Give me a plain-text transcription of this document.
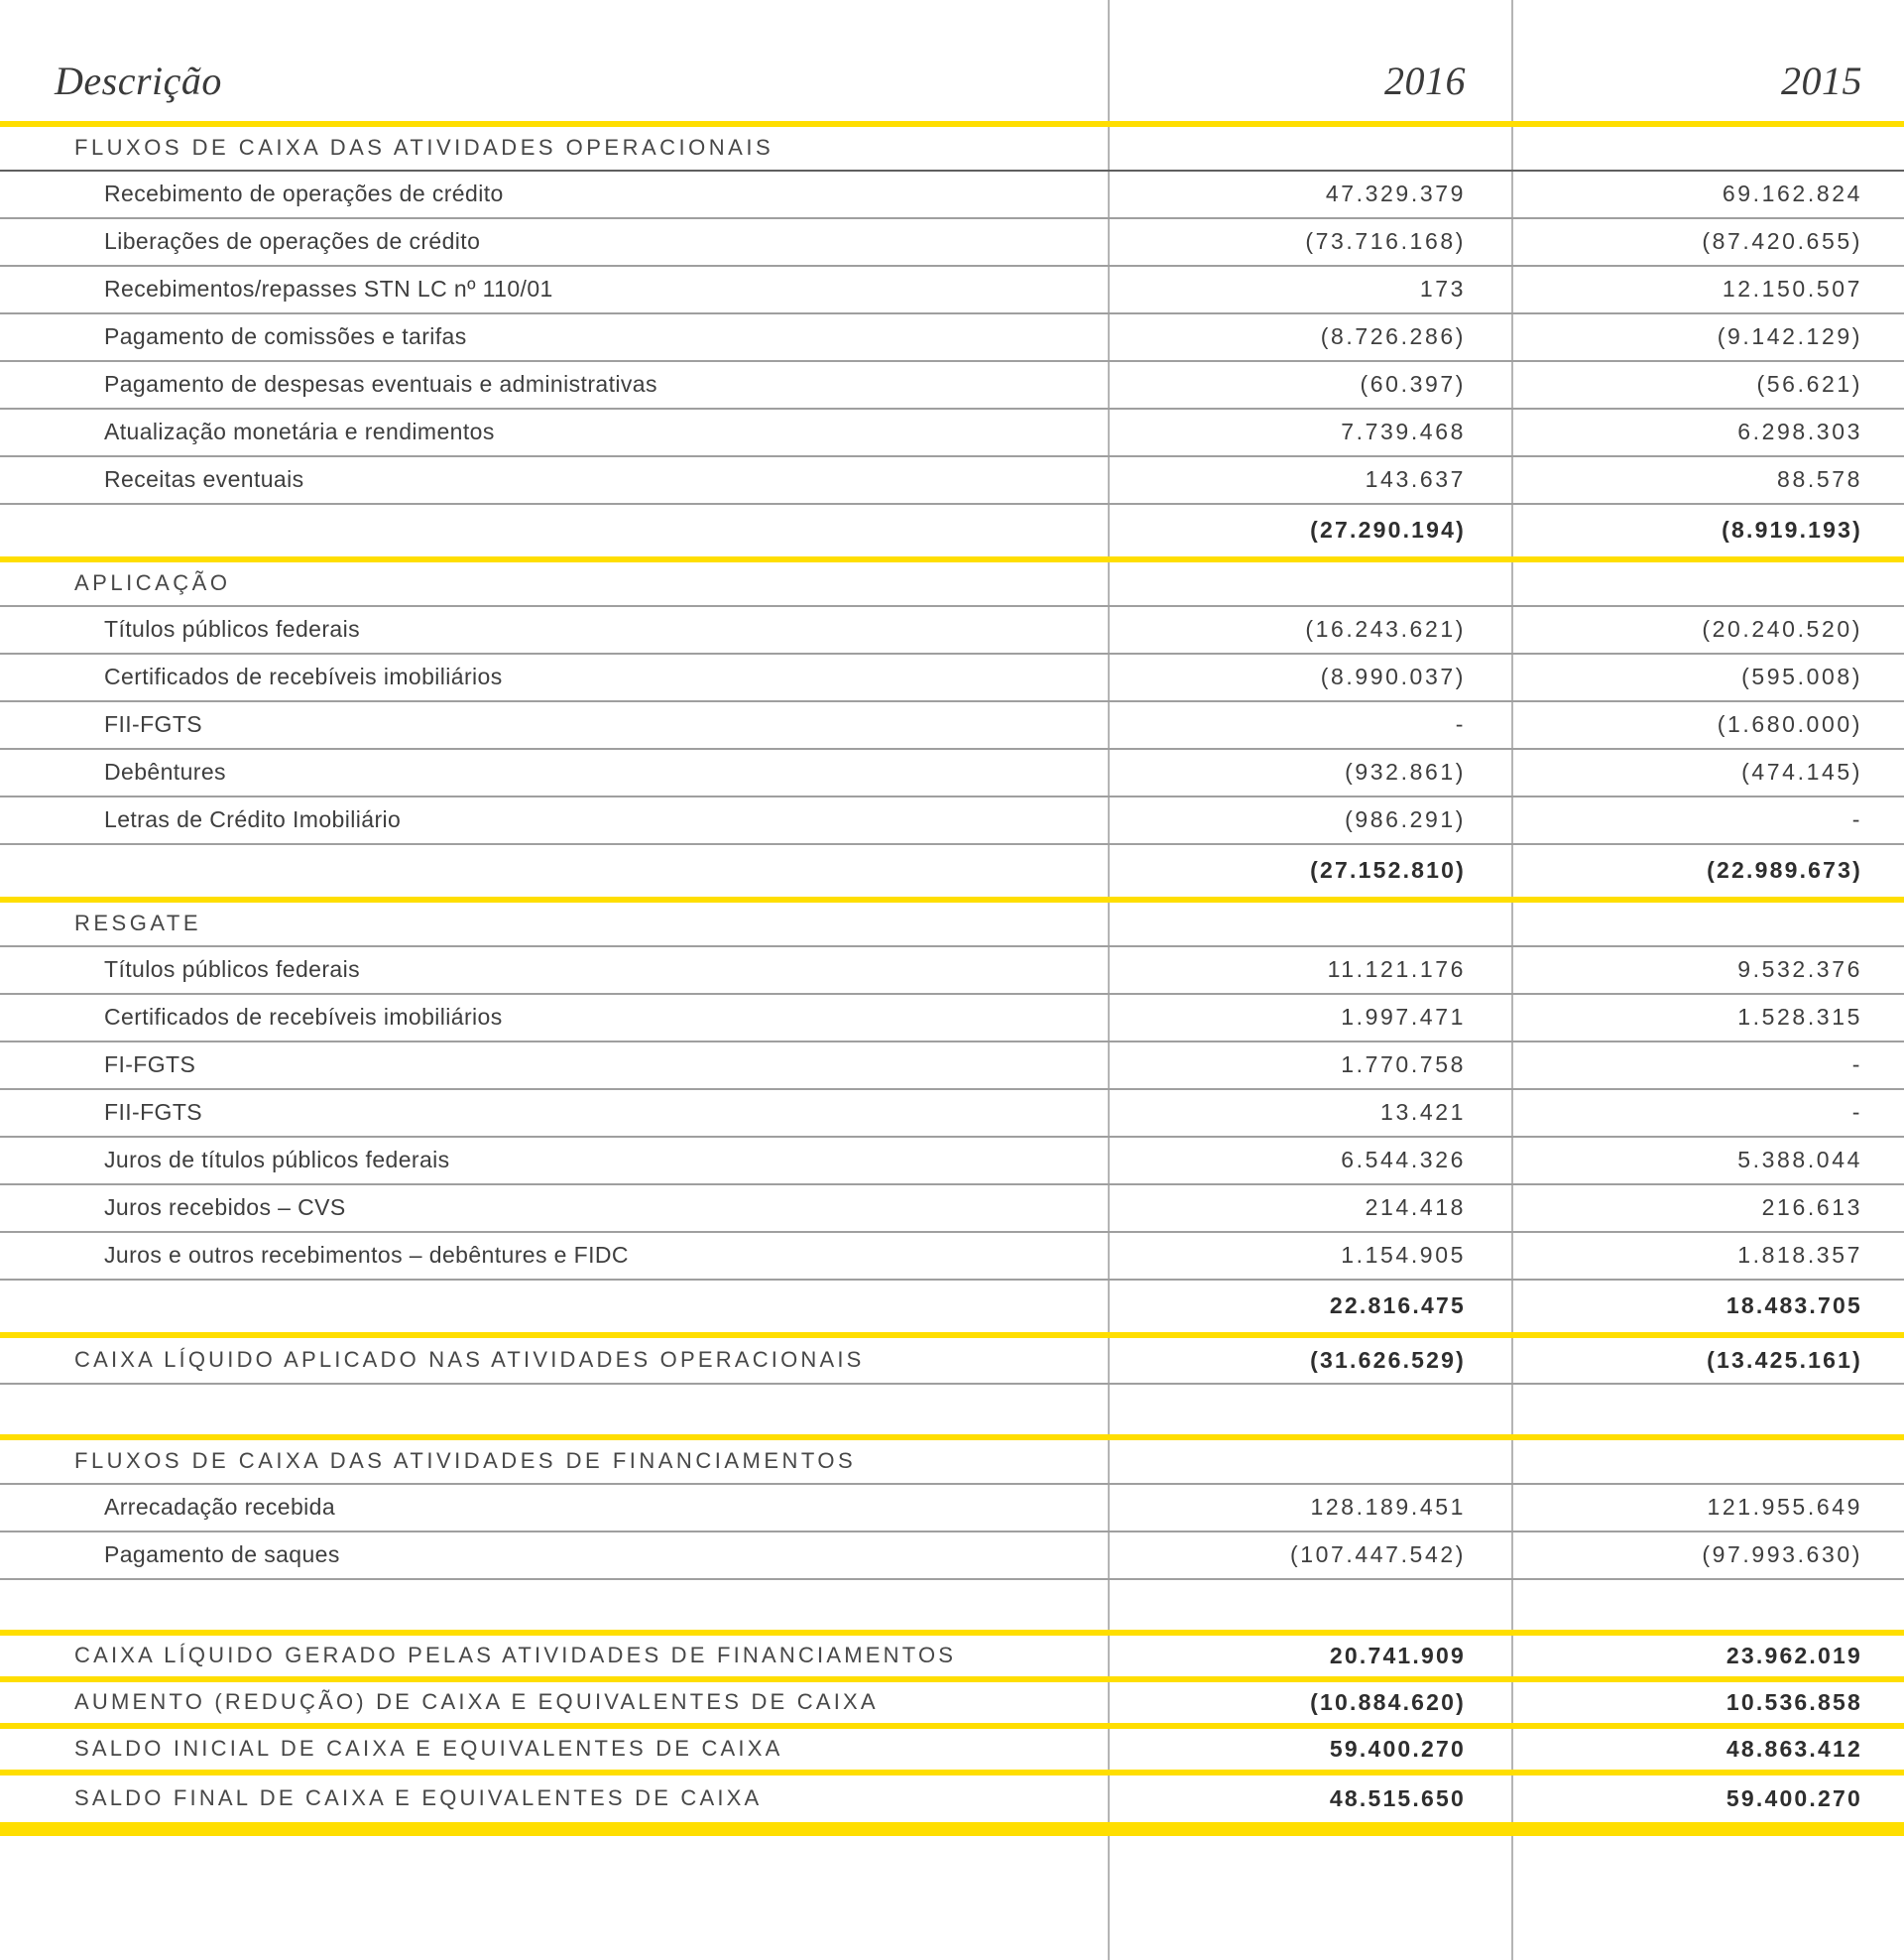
Descrição	2016	2015
FLUXOS DE CAIXA DAS ATIVIDADES OPERACIONAIS
Recebimento de operações de crédito	47.329.379	69.162.824
Liberações de operações de crédito	(73.716.168)	(87.420.655)
Recebimentos/repasses STN LC nº 110/01	173	12.150.507
Pagamento de comissões e tarifas	(8.726.286)	(9.142.129)
Pagamento de despesas eventuais e administrativas	(60.397)	(56.621)
Atualização monetária e rendimentos	7.739.468	6.298.303
Receitas eventuais	143.637	88.578
(27.290.194)	(8.919.193)
APLICAÇÃO
Títulos públicos federais	(16.243.621)	(20.240.520)
Certificados de recebíveis imobiliários	(8.990.037)	(595.008)
FII-FGTS	-	(1.680.000)
Debêntures	(932.861)	(474.145)
Letras de Crédito Imobiliário	(986.291)	-
(27.152.810)	(22.989.673)
RESGATE
Títulos públicos federais	11.121.176	9.532.376
Certificados de recebíveis imobiliários	1.997.471	1.528.315
FI-FGTS	1.770.758	-
FII-FGTS	13.421	-
Juros de títulos públicos federais	6.544.326	5.388.044
Juros recebidos – CVS	214.418	216.613
Juros e outros recebimentos – debêntures e FIDC	1.154.905	1.818.357
22.816.475	18.483.705
CAIXA LÍQUIDO APLICADO NAS ATIVIDADES OPERACIONAIS	(31.626.529)	(13.425.161)
FLUXOS DE CAIXA DAS ATIVIDADES DE FINANCIAMENTOS
Arrecadação recebida	128.189.451	121.955.649
Pagamento de saques	(107.447.542)	(97.993.630)
CAIXA LÍQUIDO GERADO PELAS ATIVIDADES DE FINANCIAMENTOS	20.741.909	23.962.019
AUMENTO (REDUÇÃO) DE CAIXA E EQUIVALENTES DE CAIXA	(10.884.620)	10.536.858
SALDO INICIAL DE CAIXA E EQUIVALENTES DE CAIXA	59.400.270	48.863.412
SALDO FINAL DE CAIXA E EQUIVALENTES DE CAIXA	48.515.650	59.400.270
